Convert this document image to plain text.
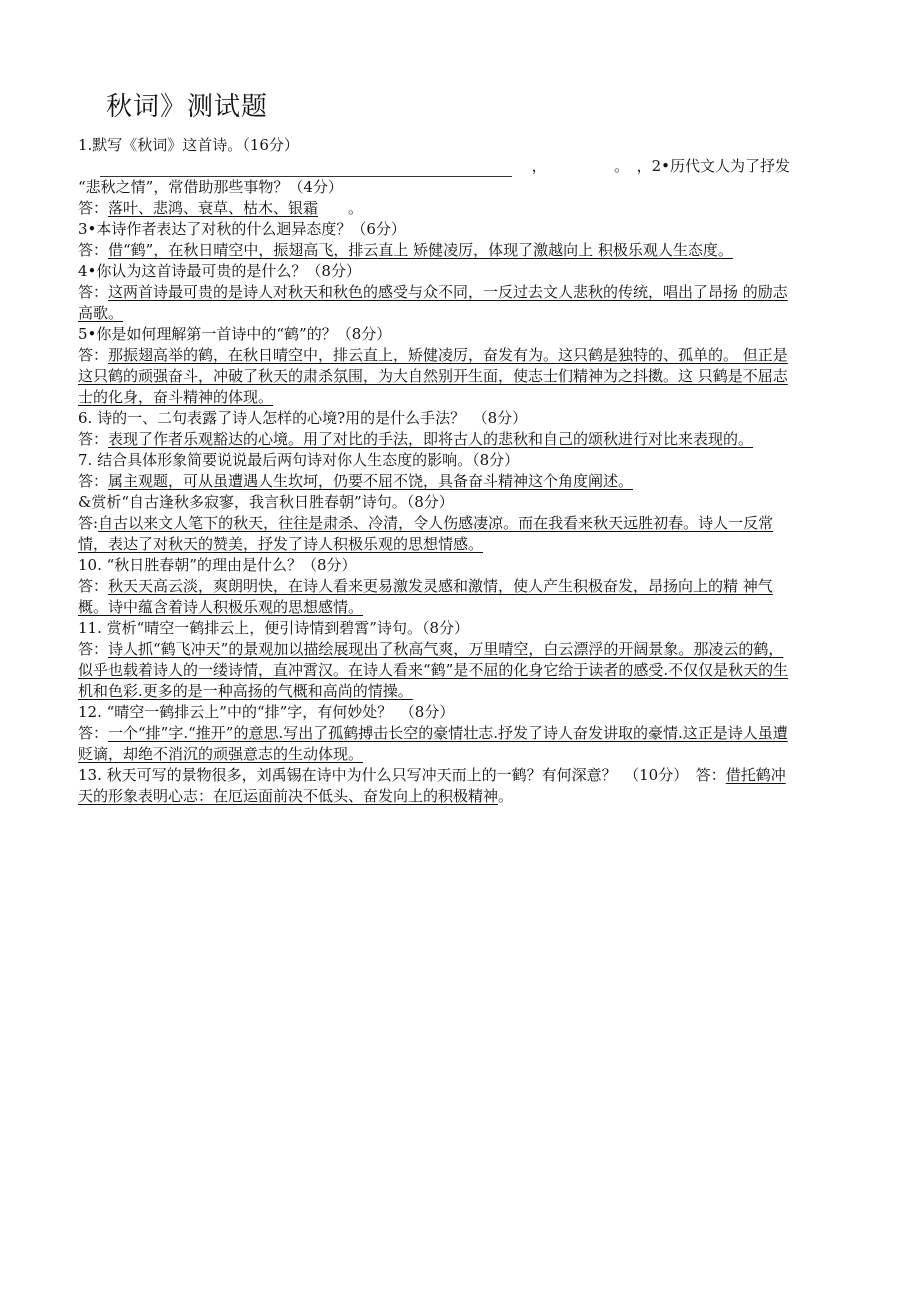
秋词》测试题
1.默写《秋词》这首诗。（16分）
，　　　　　。　，2•历代文人为了抒发
“悲秋之情”，常借助那些事物？（4分）
答：落叶、悲鸿、衰草、枯木、银霜　　。
3•本诗作者表达了对秋的什么迴异态度？（6分）
答：借“鹤”，在秋日晴空中，振翅高飞，排云直上 矫健凌厉，体现了激越向上 积极乐观人生态度。
4•你认为这首诗最可贵的是什么？（8分）
答：这两首诗最可贵的是诗人对秋天和秋色的感受与众不同，一反过去文人悲秋的传统，唱出了昂扬 的励志高歌。
5•你是如何理解第一首诗中的“鹤”的？（8分）
答：那振翅高举的鹤，在秋日晴空中，排云直上，矫健凌厉，奋发有为。这只鹤是独特的、孤单的。 但正是这只鹤的顽强奋斗，冲破了秋天的肃杀氛围，为大自然别开生面，使志士们精神为之抖擞。这 只鹤是不屈志士的化身，奋斗精神的体现。
6. 诗的一、二句表露了诗人怎样的心境?用的是什么手法？　（8分）
答：表现了作者乐观豁达的心境。用了对比的手法，即将古人的悲秋和自己的颂秋进行对比来表现的。
7. 结合具体形象简要说说最后两句诗对你人生态度的影响。（8分）
答：属主观题，可从虽遭遇人生坎坷，仍要不屈不饶，具备奋斗精神这个角度阐述。
&赏析“自古逢秋多寂寥，我言秋日胜春朝”诗句。（8分）
答:自古以来文人笔下的秋天，往往是肃杀、冷清，令人伤感凄凉。而在我看来秋天远胜初春。诗人一反常情，表达了对秋天的赞美，抒发了诗人积极乐观的思想情感。
10. “秋日胜春朝”的理由是什么？（8分）
答：秋天天高云淡，爽朗明快，在诗人看来更易激发灵感和激情，使人产生积极奋发，昂扬向上的精 神气概。诗中蕴含着诗人积极乐观的思想感情。
11. 赏析“晴空一鹤排云上，便引诗情到碧霄”诗句。（8分）
答：诗人抓“鹤飞冲天”的景观加以描绘展现出了秋高气爽，万里晴空，白云漂浮的开阔景象。那凌云的鹤，似乎也载着诗人的一缕诗情，直冲霄汉。在诗人看来“鹤”是不屈的化身它给于读者的感受.不仅仅是秋天的生机和色彩.更多的是一种高扬的气概和高尚的情操。
12. “晴空一鹤排云上”中的“排”字，有何妙处？　（8分）
答：一个“排”字.“推开”的意思.写出了孤鹤搏击长空的豪情壮志.抒发了诗人奋发讲取的豪情.这正是诗人虽遭贬谪，却绝不消沉的顽强意志的生动体现。
13. 秋天可写的景物很多，刘禹锡在诗中为什么只写冲天而上的一鹤？有何深意？　（10分）　答：借托鹤冲天的形象表明心志：在厄运面前决不低头、奋发向上的积极精神。
